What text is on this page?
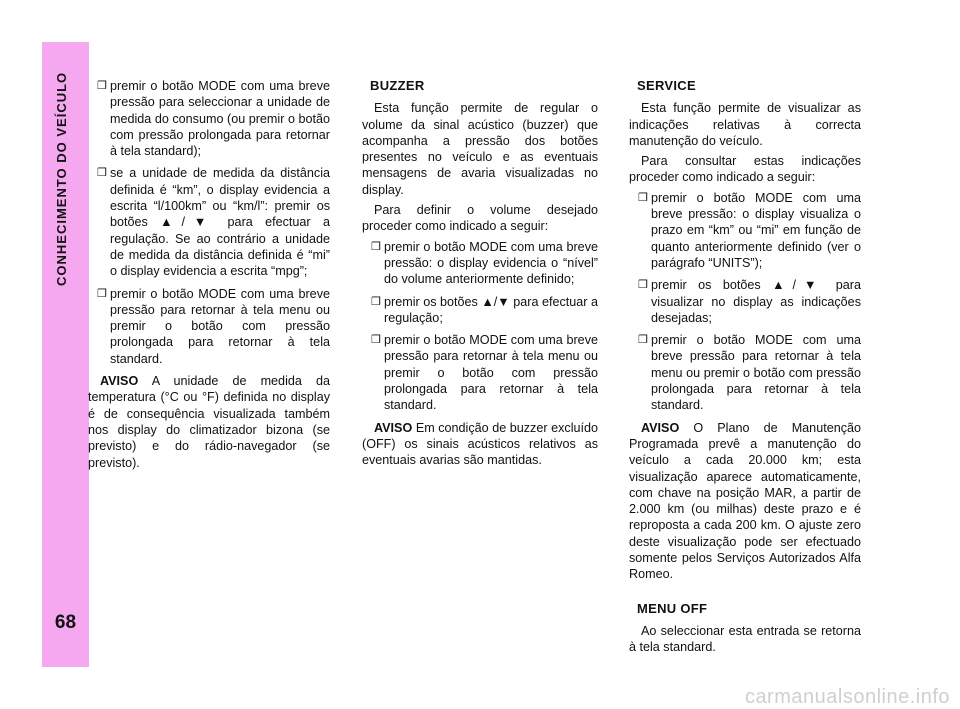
CONHECIMENTO DO VEÍCULO
68
❒ premir o botão MODE com uma breve pressão para seleccionar a unidade de medida do consumo (ou premir o botão com pressão prolongada para retornar à tela standard);
❒ se a unidade de medida da distância definida é “km”, o display evidencia a escrita “l/100km” ou “km/l”: premir os botões ▲/▼ para efectuar a regulação. Se ao contrário a unidade de medida da distância definida é “mi” o display evidencia a escrita “mpg”;
❒ premir o botão MODE com uma breve pressão para retornar à tela menu ou premir o botão com pressão prolongada para retornar à tela standard.
AVISO A unidade de medida da temperatura (°C ou °F) definida no display é de consequência visualizada também nos display do climatizador bizona (se previsto) e do rádio-navegador (se previsto).
BUZZER
Esta função permite de regular o volume da sinal acústico (buzzer) que acompanha a pressão dos botões presentes no veículo e as eventuais mensagens de avaria visualizadas no display.
Para definir o volume desejado proceder como indicado a seguir:
❒ premir o botão MODE com uma breve pressão: o display evidencia o “nível” do volume anteriormente definido;
❒ premir os botões ▲/▼ para efectuar a regulação;
❒ premir o botão MODE com uma breve pressão para retornar à tela menu ou premir o botão com pressão prolongada para retornar à tela standard.
AVISO Em condição de buzzer excluído (OFF) os sinais acústicos relativos as eventuais avarias são mantidas.
SERVICE
Esta função permite de visualizar as indicações relativas à correcta manutenção do veículo.
Para consultar estas indicações proceder como indicado a seguir:
❒ premir o botão MODE com uma breve pressão: o display visualiza o prazo em “km” ou “mi” em função de quanto anteriormente definido (ver o parágrafo “UNITS”);
❒ premir os botões ▲/▼ para visualizar no display as indicações desejadas;
❒ premir o botão MODE com uma breve pressão para retornar à tela menu ou premir o botão com pressão prolongada para retornar à tela standard.
AVISO O Plano de Manutenção Programada prevê a manutenção do veículo a cada 20.000 km; esta visualização aparece automaticamente, com chave na posição MAR, a partir de 2.000 km (ou milhas) deste prazo e é reproposta a cada 200 km. O ajuste zero deste visualização pode ser efectuado somente pelos Serviços Autorizados Alfa Romeo.
MENU OFF
Ao seleccionar esta entrada se retorna à tela standard.
carmanualsonline.info
